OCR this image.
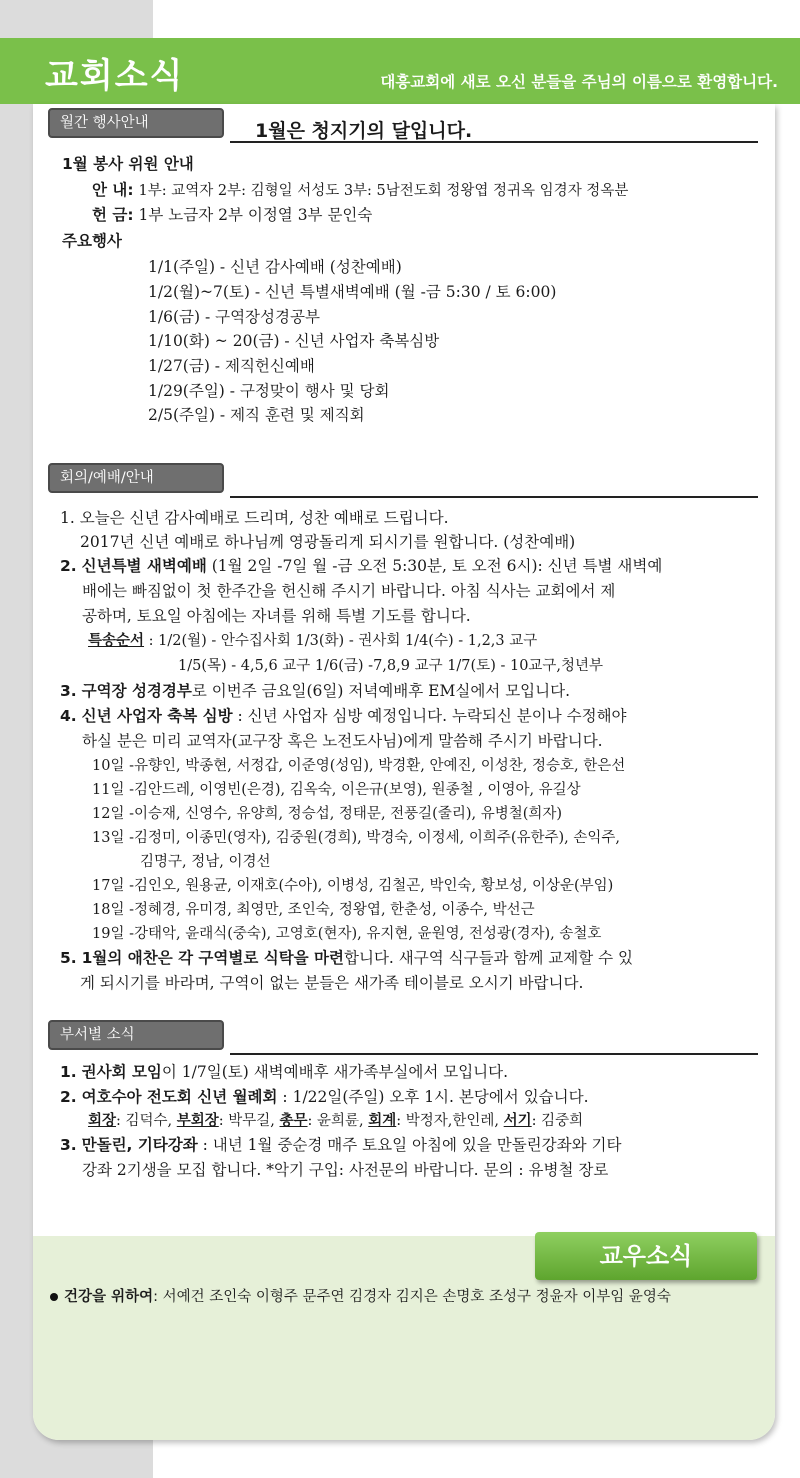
교회소식	대흥교회에 새로 오신 분들을 주님의 이름으로 환영합니다.
월간 행사안내	1월은 청지기의 달입니다.
1월 봉사 위원 안내
안 내: 1부: 교역자 2부: 김형일 서성도 3부: 5남전도회 정왕엽 정귀옥 임경자 정옥분
헌 금: 1부 노금자 2부 이정열 3부 문인숙
주요행사
1/1(주일) - 신년 감사예배 (성찬예배)
1/2(월)~7(토) - 신년 특별새벽예배 (월 -금 5:30 / 토 6:00)
1/6(금) - 구역장성경공부
1/10(화) ~ 20(금) - 신년 사업자 축복심방
1/27(금) - 제직헌신예배
1/29(주일) - 구정맞이 행사 및 당회
2/5(주일) - 제직 훈련 및 제직회
회의/예배/안내
1. 오늘은 신년 감사예배로 드리며, 성찬 예배로 드립니다.
2017년 신년 예배로 하나님께 영광돌리게 되시기를 원합니다. (성찬예배)
2. 신년특별 새벽예배 (1월 2일 -7일 월 -금 오전 5:30분, 토 오전 6시): 신년 특별 새벽예
배에는 빠짐없이 첫 한주간을 헌신해 주시기 바랍니다. 아침 식사는 교회에서 제
공하며, 토요일 아침에는 자녀를 위해 특별 기도를 합니다.
특송순서 : 1/2(월) - 안수집사회 1/3(화) - 권사회 1/4(수) - 1,2,3 교구
1/5(목) - 4,5,6 교구 1/6(금) -7,8,9 교구 1/7(토) - 10교구,청년부
3. 구역장 성경경부로 이번주 금요일(6일) 저녁예배후 EM실에서 모입니다.
4. 신년 사업자 축복 심방 : 신년 사업자 심방 예정입니다. 누락되신 분이나 수정해야
하실 분은 미리 교역자(교구장 혹은 노전도사님)에게 말씀해 주시기 바랍니다.
10일 -유향인, 박종현, 서정갑, 이준영(성임), 박경환, 안예진, 이성찬, 정승호, 한은선
11일 -김안드레, 이영빈(은경), 김옥숙, 이은규(보영), 원종철 , 이영아, 유길상
12일 -이승재, 신영수, 유양희, 정승섭, 정태문, 전풍길(줄리), 유병철(희자)
13일 -김정미, 이종민(영자), 김중원(경희), 박경숙, 이정세, 이희주(유한주), 손익주,
김명구, 정남, 이경선
17일 -김인오, 원용균, 이재호(수아), 이병성, 김철곤, 박인숙, 황보성, 이상운(부임)
18일 -정혜경, 유미경, 최영만, 조인숙, 정왕엽, 한춘성, 이종수, 박선근
19일 -강태악, 윤래식(중숙), 고영호(현자), 유지현, 윤원영, 전성광(경자), 송철호
5. 1월의 애찬은 각 구역별로 식탁을 마련합니다. 새구역 식구들과 함께 교제할 수 있
게 되시기를 바라며, 구역이 없는 분들은 새가족 테이블로 오시기 바랍니다.
부서별 소식
1. 권사회 모임이 1/7일(토) 새벽예배후 새가족부실에서 모입니다.
2. 여호수아 전도회 신년 월례회 : 1/22일(주일) 오후 1시. 본당에서 있습니다.
회장: 김덕수, 부회장: 박무길, 총무: 윤희륜, 회계: 박정자,한인레, 서기: 김중희
3. 만돌린, 기타강좌 : 내년 1월 중순경 매주 토요일 아침에 있을 만돌린강좌와 기타
강좌 2기생을 모집 합니다. *악기 구입: 사전문의 바랍니다. 문의 : 유병철 장로
교우소식
건강을 위하여: 서예건 조인숙 이형주 문주연 김경자 김지은 손명호 조성구 정윤자 이부임 윤영숙
